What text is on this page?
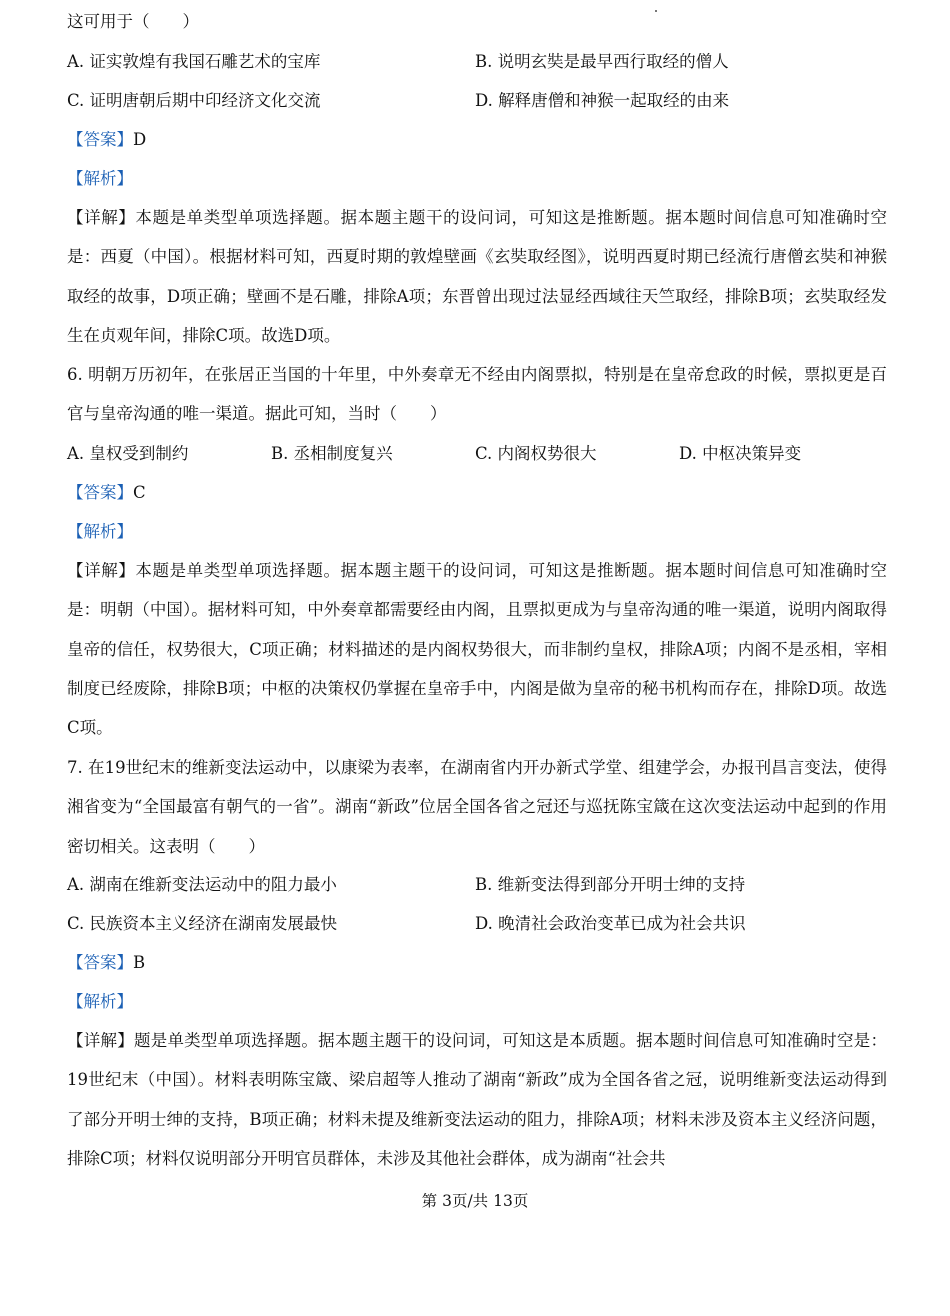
这可用于（　　）
A. 证实敦煌有我国石雕艺术的宝库	B. 说明玄奘是最早西行取经的僧人
C. 证明唐朝后期中印经济文化交流	D. 解释唐僧和神猴一起取经的由来
【答案】D
【解析】
【详解】本题是单类型单项选择题。据本题主题干的设问词，可知这是推断题。据本题时间信息可知准确时空是：西夏（中国）。根据材料可知，西夏时期的敦煌壁画《玄奘取经图》，说明西夏时期已经流行唐僧玄奘和神猴取经的故事，D项正确；壁画不是石雕，排除A项；东晋曾出现过法显经西域往天竺取经，排除B项；玄奘取经发生在贞观年间，排除C项。故选D项。
6. 明朝万历初年，在张居正当国的十年里，中外奏章无不经由内阁票拟，特别是在皇帝怠政的时候，票拟更是百官与皇帝沟通的唯一渠道。据此可知，当时（　　）
A. 皇权受到制约	B. 丞相制度复兴	C. 内阁权势很大	D. 中枢决策异变
【答案】C
【解析】
【详解】本题是单类型单项选择题。据本题主题干的设问词，可知这是推断题。据本题时间信息可知准确时空是：明朝（中国）。据材料可知，中外奏章都需要经由内阁，且票拟更成为与皇帝沟通的唯一渠道，说明内阁取得皇帝的信任，权势很大，C项正确；材料描述的是内阁权势很大，而非制约皇权，排除A项；内阁不是丞相，宰相制度已经废除，排除B项；中枢的决策权仍掌握在皇帝手中，内阁是做为皇帝的秘书机构而存在，排除D项。故选C项。
7. 在19世纪末的维新变法运动中，以康梁为表率，在湖南省内开办新式学堂、组建学会，办报刊昌言变法，使得湘省变为“全国最富有朝气的一省”。湖南“新政”位居全国各省之冠还与巡抚陈宝箴在这次变法运动中起到的作用密切相关。这表明（　　）
A. 湖南在维新变法运动中的阻力最小	B. 维新变法得到部分开明士绅的支持
C. 民族资本主义经济在湖南发展最快	D. 晚清社会政治变革已成为社会共识
【答案】B
【解析】
【详解】题是单类型单项选择题。据本题主题干的设问词，可知这是本质题。据本题时间信息可知准确时空是：19世纪末（中国）。材料表明陈宝箴、梁启超等人推动了湖南“新政”成为全国各省之冠，说明维新变法运动得到了部分开明士绅的支持，B项正确；材料未提及维新变法运动的阻力，排除A项；材料未涉及资本主义经济问题，排除C项；材料仅说明部分开明官员群体，未涉及其他社会群体，成为湖南“社会共
第 3页/共 13页
